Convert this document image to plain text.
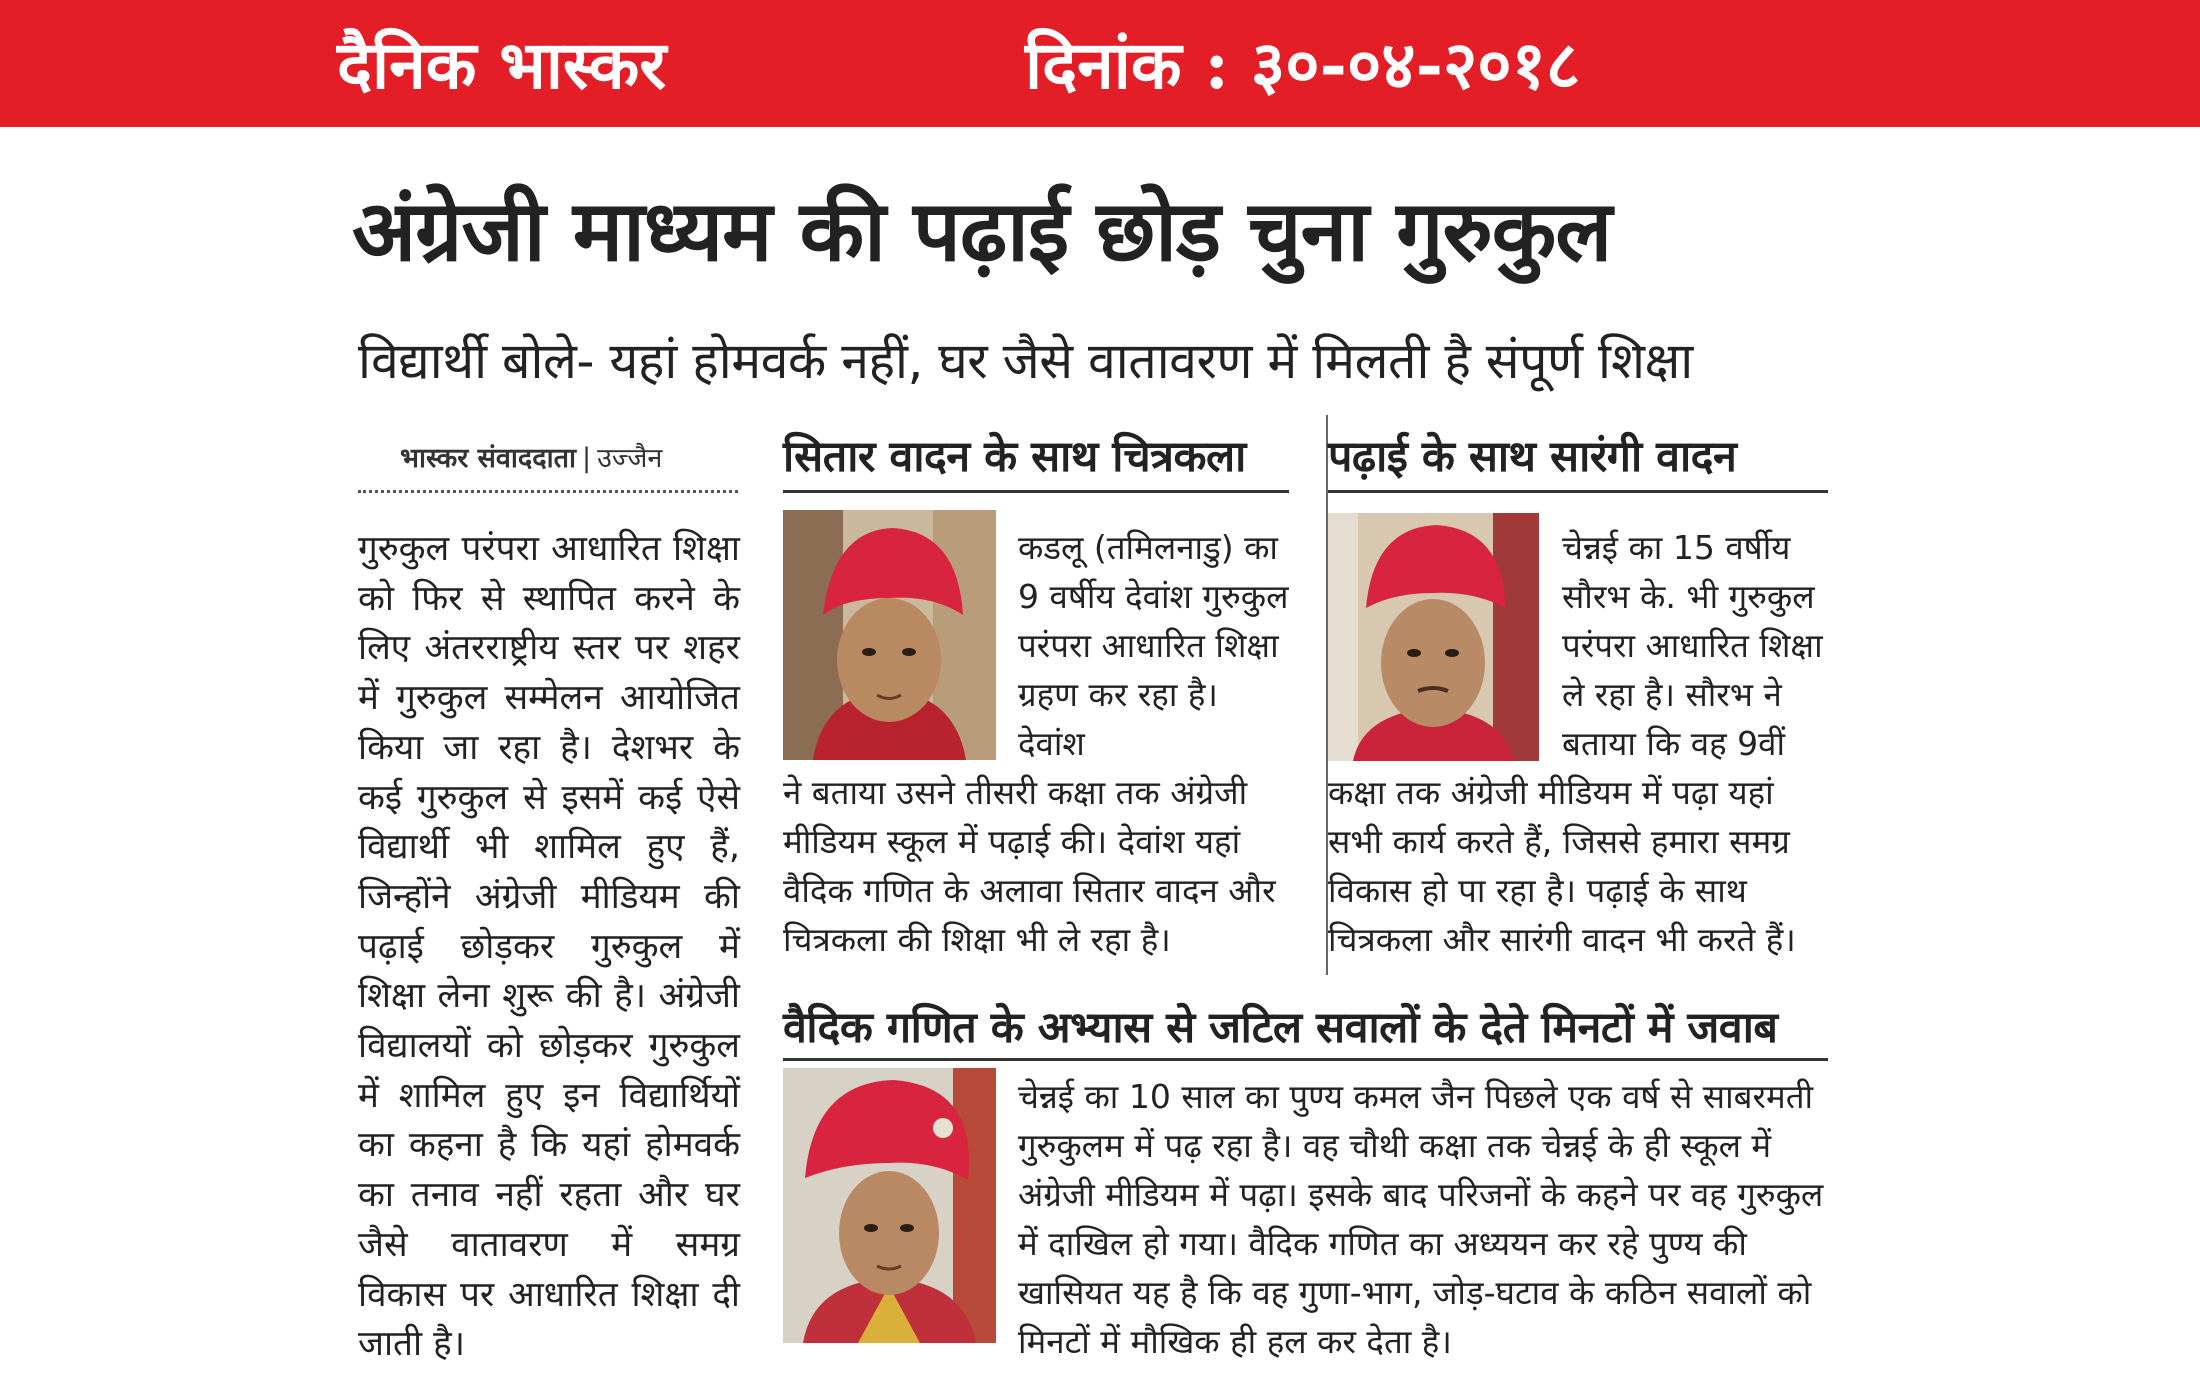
दैनिक भास्कर	दिनांक : ३०-०४-२०१८
अंग्रेजी माध्यम की पढ़ाई छोड़ चुना गुरुकुल
विद्यार्थी बोले- यहां होमवर्क नहीं, घर जैसे वातावरण में मिलती है संपूर्ण शिक्षा
भास्कर संवाददाता | उज्जैन
गुरुकुल परंपरा आधारित शिक्षा को फिर से स्थापित करने के लिए अंतरराष्ट्रीय स्तर पर शहर में गुरुकुल सम्मेलन आयोजित किया जा रहा है। देशभर के कई गुरुकुल से इसमें कई ऐसे विद्यार्थी भी शामिल हुए हैं, जिन्होंने अंग्रेजी मीडियम की पढ़ाई छोड़कर गुरुकुल में शिक्षा लेना शुरू की है। अंग्रेजी विद्यालयों को छोड़कर गुरुकुल में शामिल हुए इन विद्यार्थियों का कहना है कि यहां होमवर्क का तनाव नहीं रहता और घर जैसे वातावरण में समग्र विकास पर आधारित शिक्षा दी जाती है।
सितार वादन के साथ चित्रकला
कडलू (तमिलनाडु) का 9 वर्षीय देवांश गुरुकुल परंपरा आधारित शिक्षा ग्रहण कर रहा है। देवांश
ने बताया उसने तीसरी कक्षा तक अंग्रेजी मीडियम स्कूल में पढ़ाई की। देवांश यहां वैदिक गणित के अलावा सितार वादन और चित्रकला की शिक्षा भी ले रहा है।
पढ़ाई के साथ सारंगी वादन
चेन्नई का 15 वर्षीय सौरभ के. भी गुरुकुल परंपरा आधारित शिक्षा ले रहा है। सौरभ ने बताया कि वह 9वीं
कक्षा तक अंग्रेजी मीडियम में पढ़ा यहां सभी कार्य करते हैं, जिससे हमारा समग्र विकास हो पा रहा है। पढ़ाई के साथ चित्रकला और सारंगी वादन भी करते हैं।
वैदिक गणित के अभ्यास से जटिल सवालों के देते मिनटों में जवाब
चेन्नई का 10 साल का पुण्य कमल जैन पिछले एक वर्ष से साबरमती गुरुकुलम में पढ़ रहा है। वह चौथी कक्षा तक चेन्नई के ही स्कूल में अंग्रेजी मीडियम में पढ़ा। इसके बाद परिजनों के कहने पर वह गुरुकुल में दाखिल हो गया। वैदिक गणित का अध्ययन कर रहे पुण्य की खासियत यह है कि वह गुणा-भाग, जोड़-घटाव के कठिन सवालों को मिनटों में मौखिक ही हल कर देता है।
